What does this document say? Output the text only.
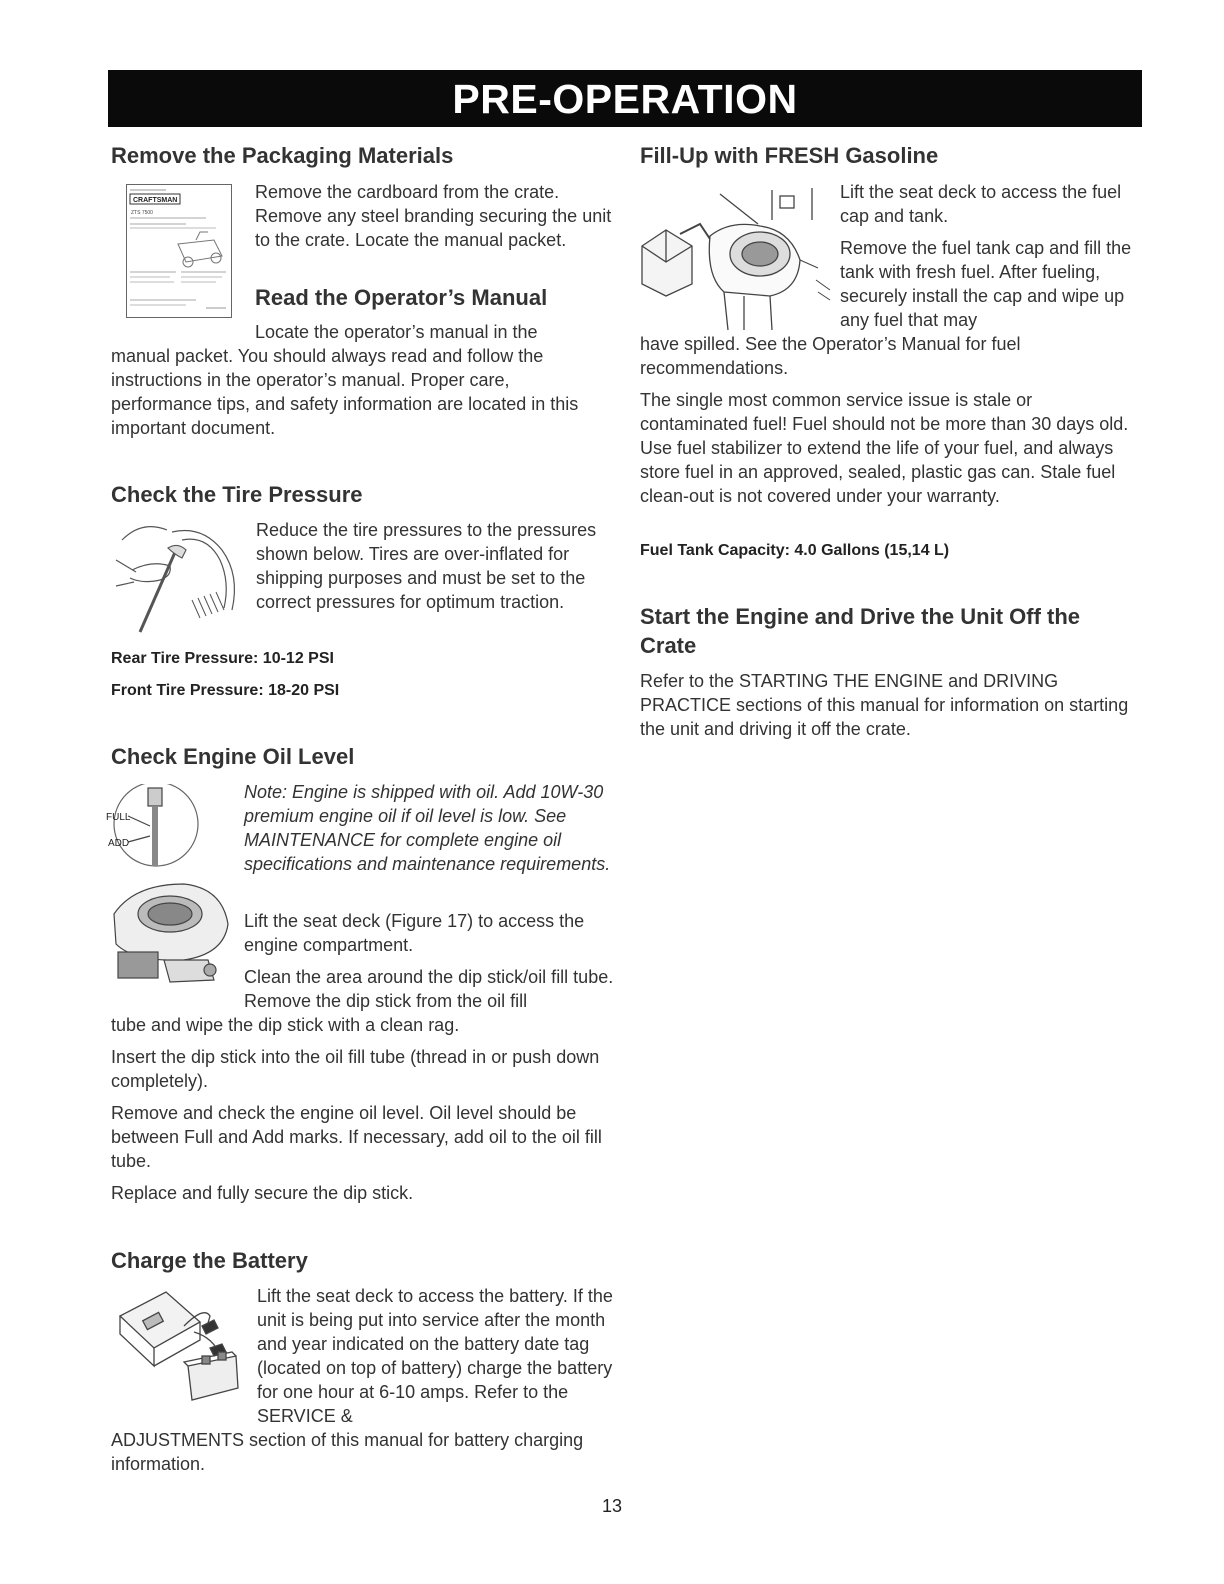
PRE-OPERATION
Remove the Packaging Materials
CRAFTSMAN
ZTS 7500

Remove the cardboard from the crate. Remove any steel branding securing the unit to the crate. Locate the manual packet.

Read the Operator’s Manual

Locate the operator’s manual in the

manual packet. You should always read and follow the instructions in the operator’s manual. Proper care, performance tips, and safety information are located in this important document.

Check the Tire Pressure

Reduce the tire pressures to the pressures shown below. Tires are over-inflated for shipping purposes and must be set to the correct pressures for optimum traction.

Rear Tire Pressure: 10-12 PSI

Front Tire Pressure: 18-20 PSI

Check Engine Oil Level
FULL
ADD

Note: Engine is shipped with oil. Add 10W-30 premium engine oil if oil level is low. See MAINTENANCE for complete engine oil specifications and maintenance requirements.

Lift the seat deck (Figure 17) to access the engine compartment.

Clean the area around the dip stick/oil fill tube. Remove the dip stick from the oil fill

tube and wipe the dip stick with a clean rag.

Insert the dip stick into the oil fill tube (thread in or push down completely).

Remove and check the engine oil level. Oil level should be between Full and Add marks. If necessary, add oil to the oil fill tube.

Replace and fully secure the dip stick.

Charge the Battery

Lift the seat deck to access the battery. If the unit is being put into service after the month and year indicated on the battery date tag (located on top of battery) charge the battery for one hour at 6-10 amps. Refer to the SERVICE &

ADJUSTMENTS section of this manual for battery charging information.

Fill-Up with FRESH Gasoline

Lift the seat deck to access the fuel cap and tank.

Remove the fuel tank cap and fill the tank with fresh fuel. After fueling, securely install the cap and wipe up any fuel that may

have spilled. See the Operator’s Manual for fuel recommendations.

The single most common service issue is stale or contaminated fuel! Fuel should not be more than 30 days old. Use fuel stabilizer to extend the life of your fuel, and always store fuel in an approved, sealed, plastic gas can. Stale fuel clean-out is not covered under your warranty.

Fuel Tank Capacity: 4.0 Gallons (15,14 L)

Start the Engine and Drive the Unit Off the Crate

Refer to the STARTING THE ENGINE and DRIVING PRACTICE sections of this manual for information on starting the unit and driving it off the crate.

13
